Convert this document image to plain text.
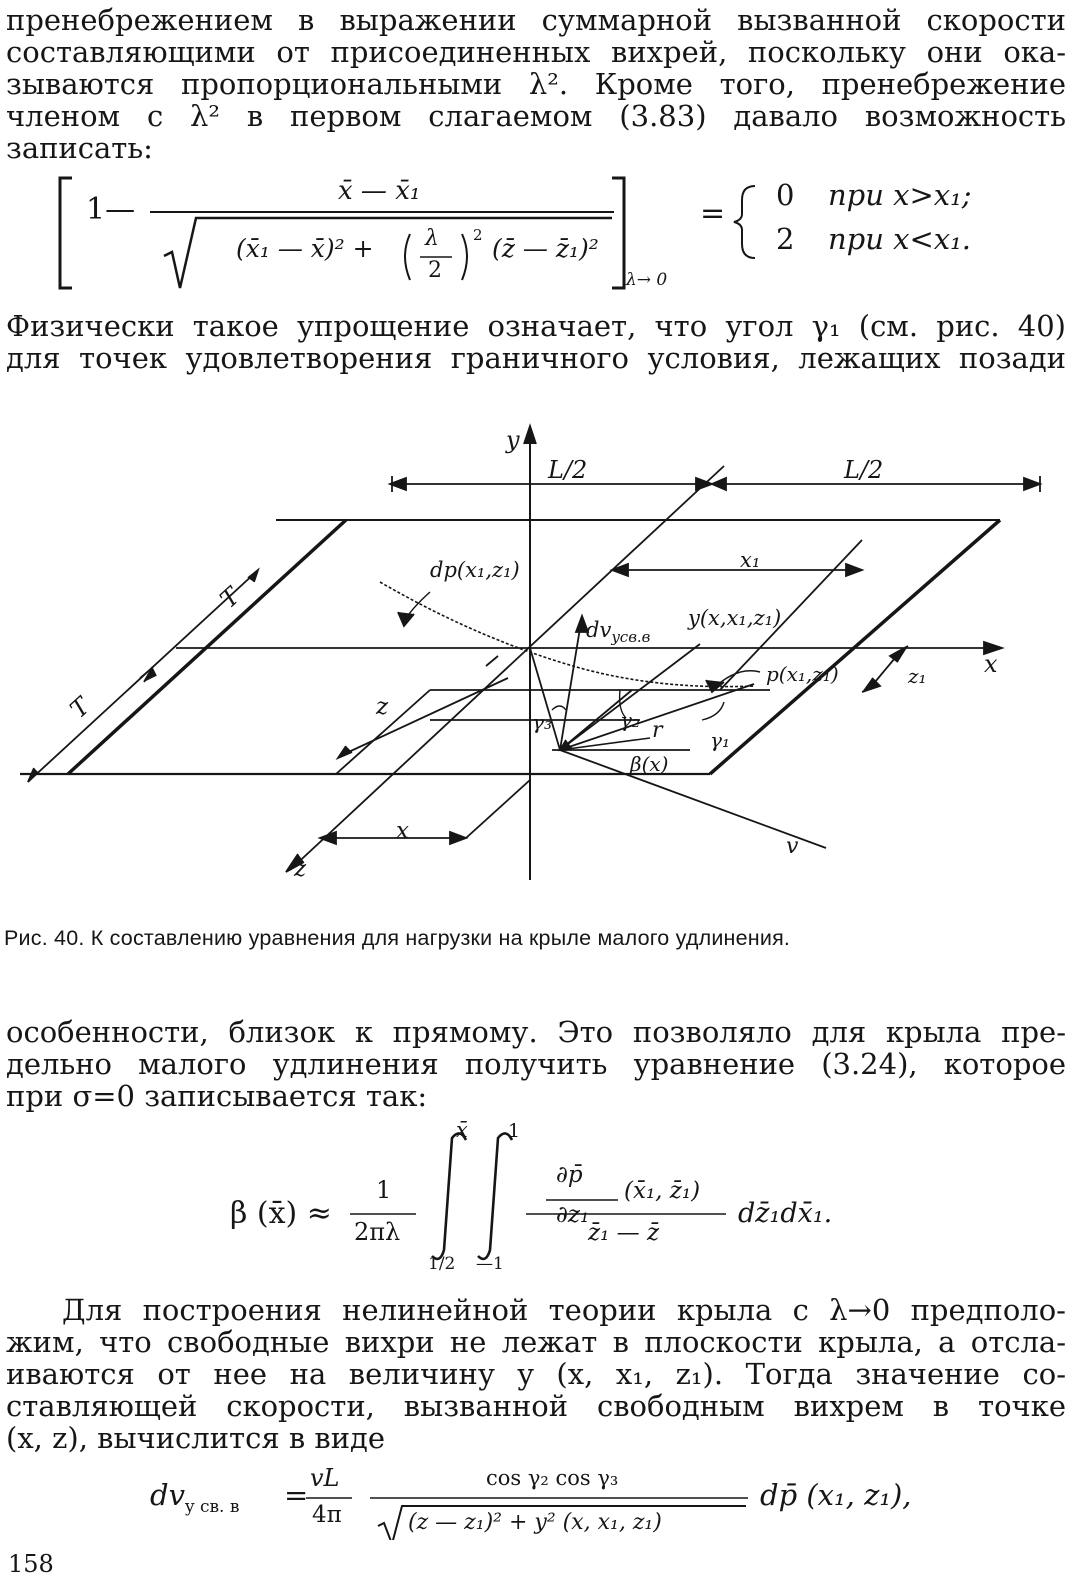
пренебрежением в выражении суммарной вызванной скорости

составляющими от присоединенных вихрей, поскольку они ока-

зываются пропорциональными λ². Кроме того, пренебрежение

членом с λ² в первом слагаемом (3.83) давало возможность

записать:

1—
x̄ — x̄₁
(x̄₁ — x̄)² + λ
2
2 (z̄ — z̄₁)²
λ→ 0
=
0 при x>x₁;
2 при x<x₁.

Физически такое упрощение означает, что угол γ₁ (см. рис. 40)

для точек удовлетворения граничного условия, лежащих позади

y
L/2	L/2
T
T
dp(x₁,z₁)	x₁
$dv_{yсв.в}$
y(x,x₁,z₁)
x
p(x₁,z₁)	z₁
z
γ₃	γ₂ r γ₁
β(x)
x
v
z
Рис. 40. К составлению уравнения для нагрузки на крыле малого удлинения.

особенности, близок к прямому. Это позволяло для крыла пре-

дельно малого удлинения получить уравнение (3.24), которое

при σ=0 записывается так:

β (x̄) ≈
1
2πλ
x̄
1/2
1
—1
∂p̄
∂z₁
(x̄₁, z̄₁)
z̄₁ — z̄
dz̄₁dx̄₁.

Для построения нелинейной теории крыла с λ→0 предполо-

жим, что свободные вихри не лежат в плоскости крыла, а отсла-

иваются от нее на величину y (x, x₁, z₁). Тогда значение со-

ставляющей скорости, вызванной свободным вихрем в точке

(x, z), вычислится в виде

$dv_{y св. в}$ = vL
4π
cos γ₂ cos γ₃
(z — z₁)² + y² (x, x₁, z₁)
dp̄ (x₁, z₁),
158
